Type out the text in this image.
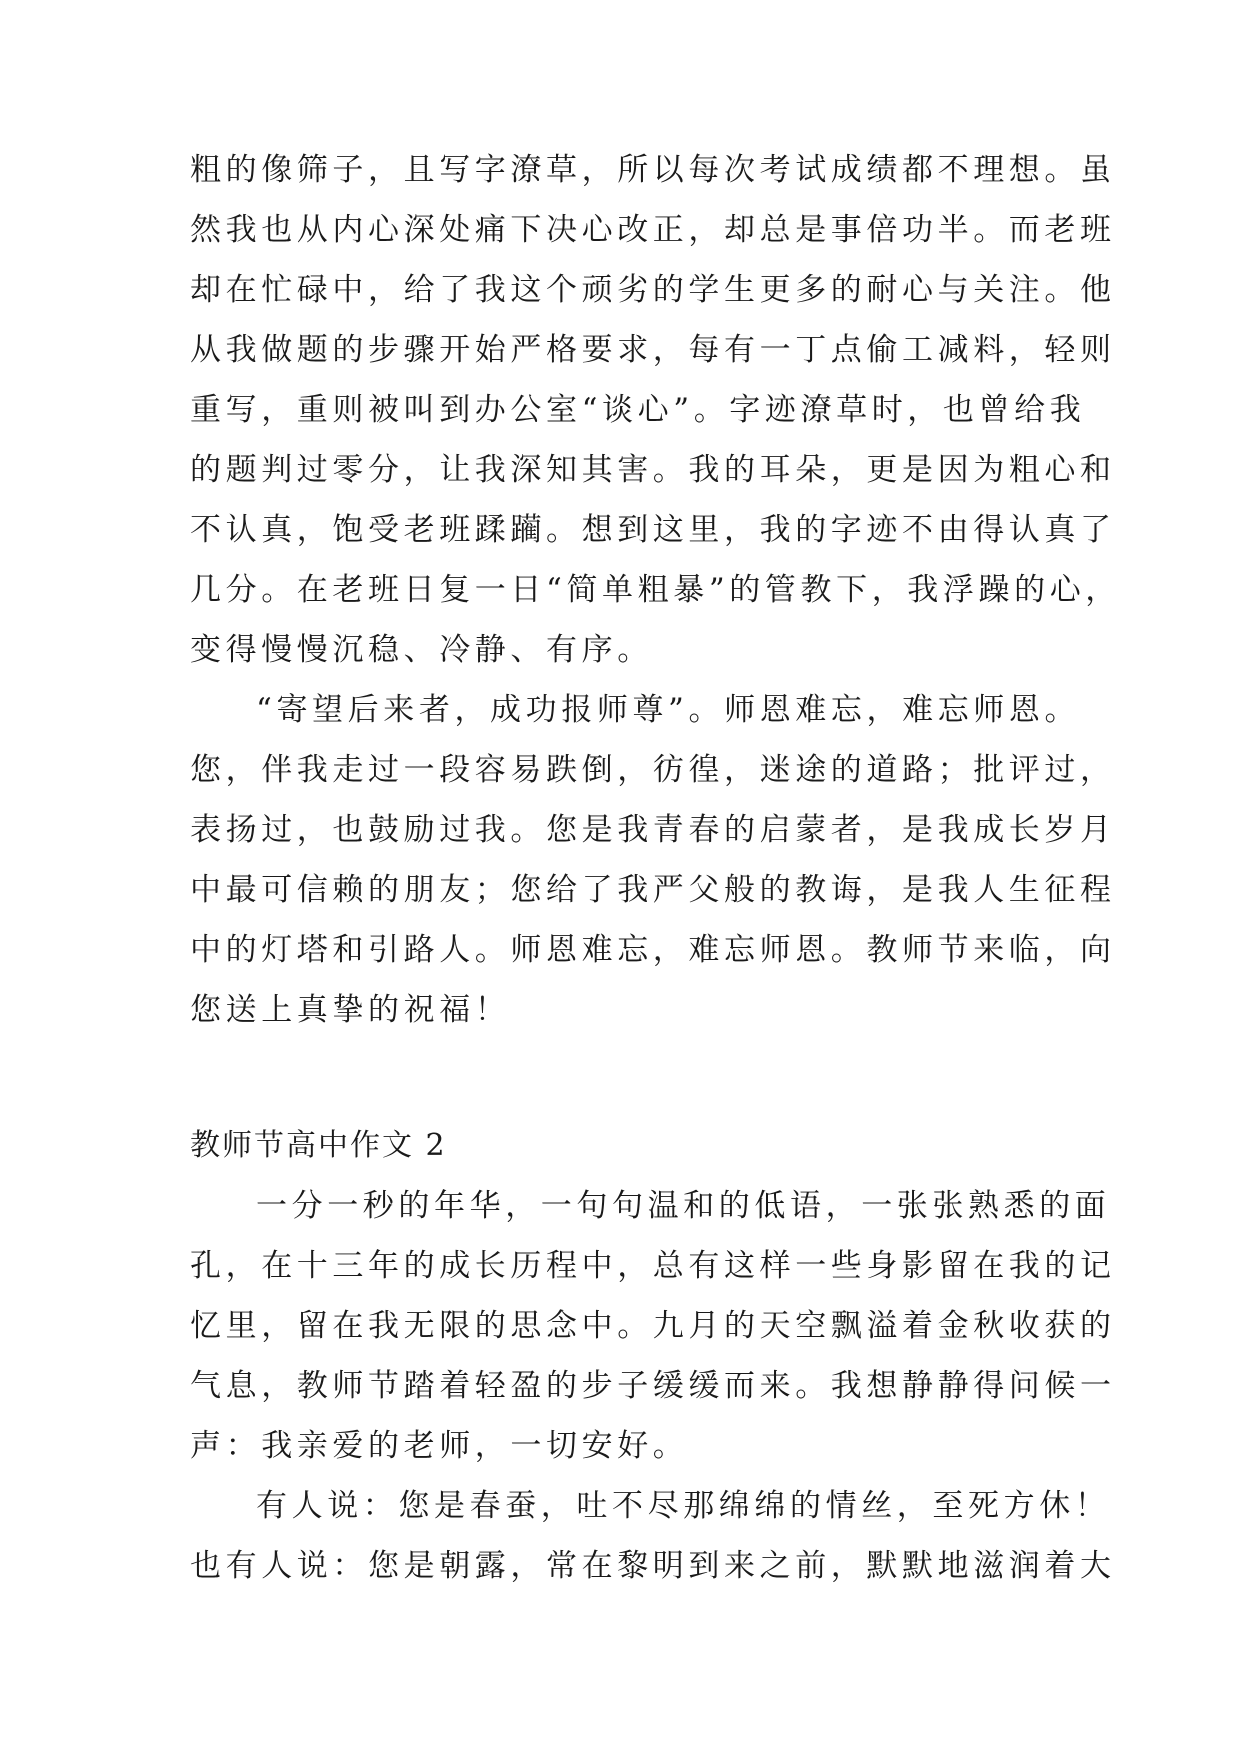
粗的像筛子，且写字潦草，所以每次考试成绩都不理想。虽
然我也从内心深处痛下决心改正，却总是事倍功半。而老班
却在忙碌中，给了我这个顽劣的学生更多的耐心与关注。他
从我做题的步骤开始严格要求，每有一丁点偷工减料，轻则
重写，重则被叫到办公室“谈心”。字迹潦草时，也曾给我
的题判过零分，让我深知其害。我的耳朵，更是因为粗心和
不认真，饱受老班蹂躏。想到这里，我的字迹不由得认真了
几分。在老班日复一日“简单粗暴”的管教下，我浮躁的心，
变得慢慢沉稳、冷静、有序。
“寄望后来者，成功报师尊”。师恩难忘，难忘师恩。
您，伴我走过一段容易跌倒，彷徨，迷途的道路；批评过，
表扬过，也鼓励过我。您是我青春的启蒙者，是我成长岁月
中最可信赖的朋友；您给了我严父般的教诲，是我人生征程
中的灯塔和引路人。师恩难忘，难忘师恩。教师节来临，向
您送上真挚的祝福！
教师节高中作文 2
一分一秒的年华，一句句温和的低语，一张张熟悉的面
孔，在十三年的成长历程中，总有这样一些身影留在我的记
忆里，留在我无限的思念中。九月的天空飘溢着金秋收获的
气息，教师节踏着轻盈的步子缓缓而来。我想静静得问候一
声：我亲爱的老师，一切安好。
有人说：您是春蚕，吐不尽那绵绵的情丝，至死方休！
也有人说：您是朝露，常在黎明到来之前，默默地滋润着大
